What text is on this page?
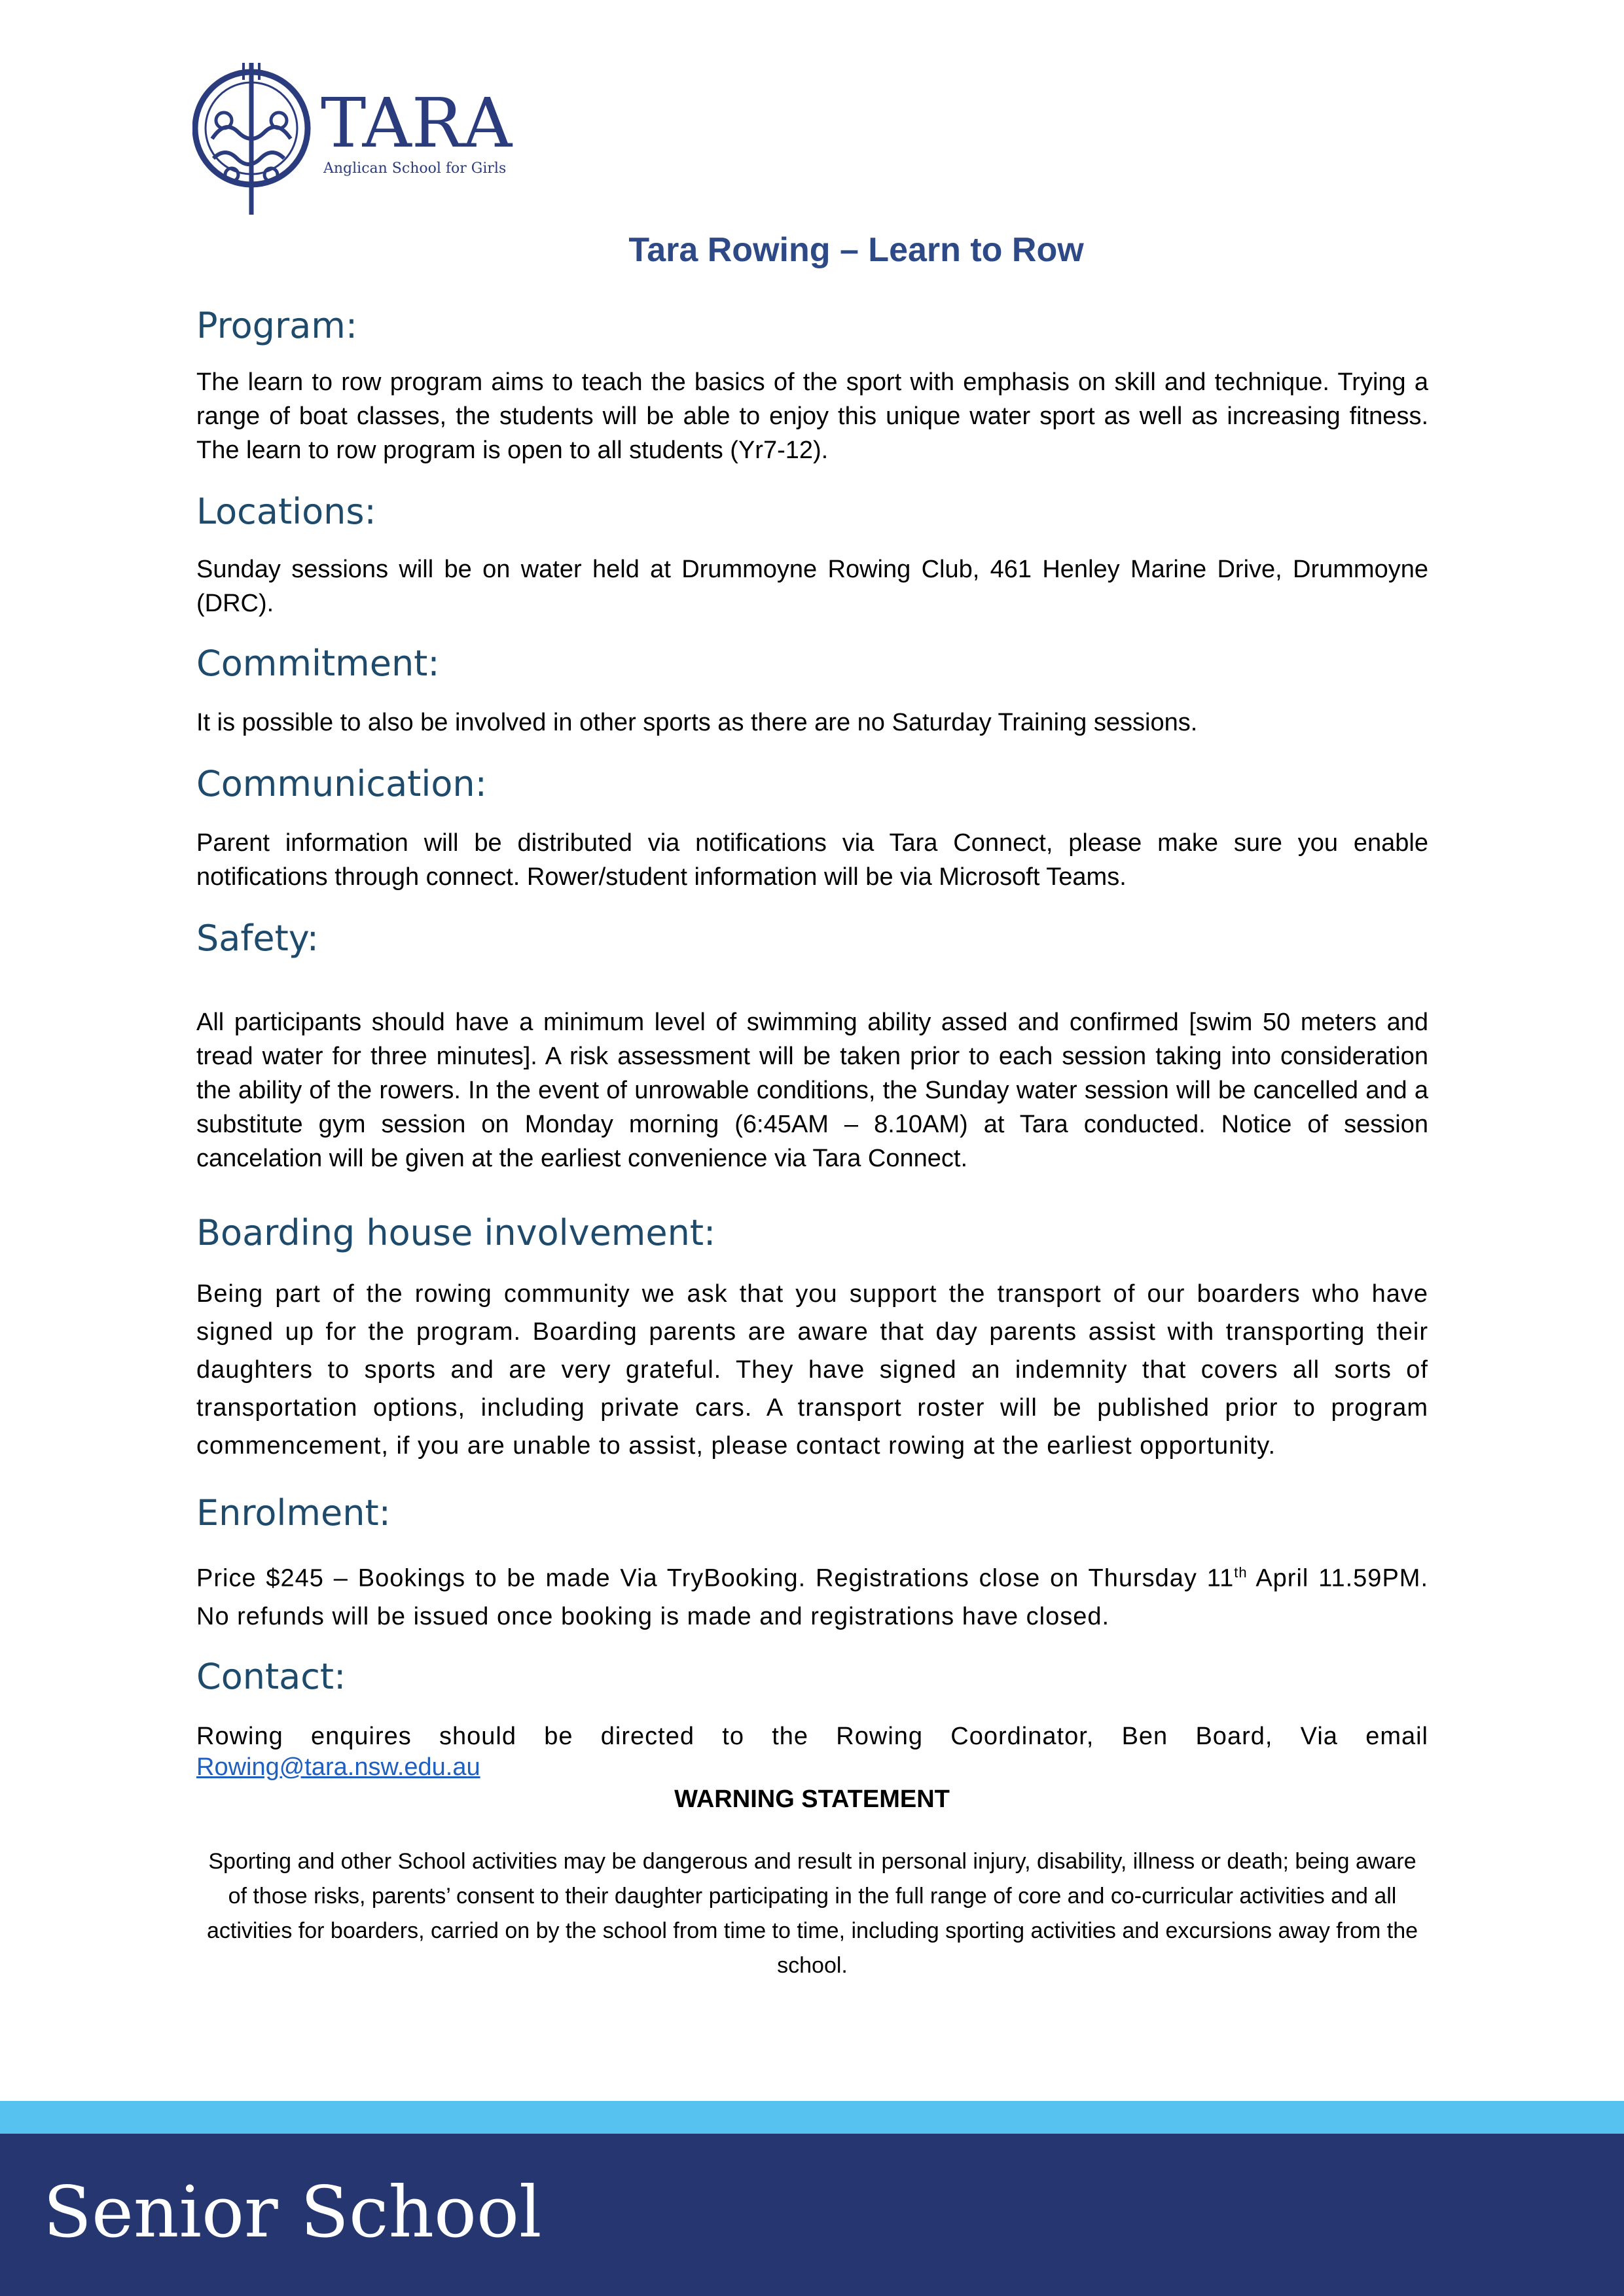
TARA
Anglican School for Girls
Tara Rowing – Learn to Row
Program:
The learn to row program aims to teach the basics of the sport with emphasis on skill and technique. Trying a range of boat classes, the students will be able to enjoy this unique water sport as well as increasing fitness. The learn to row program is open to all students (Yr7-12).
Locations:
Sunday sessions will be on water held at Drummoyne Rowing Club, 461 Henley Marine Drive, Drummoyne (DRC).
Commitment:
It is possible to also be involved in other sports as there are no Saturday Training sessions.
Communication:
Parent information will be distributed via notifications via Tara Connect, please make sure you enable notifications through connect. Rower/student information will be via Microsoft Teams.
Safety:
All participants should have a minimum level of swimming ability assed and confirmed [swim 50 meters and tread water for three minutes]. A risk assessment will be taken prior to each session taking into consideration the ability of the rowers. In the event of unrowable conditions, the Sunday water session will be cancelled and a substitute gym session on Monday morning (6:45AM – 8.10AM) at Tara conducted. Notice of session cancelation will be given at the earliest convenience via Tara Connect.
Boarding house involvement:
Being part of the rowing community we ask that you support the transport of our boarders who have signed up for the program. Boarding parents are aware that day parents assist with transporting their daughters to sports and are very grateful. They have signed an indemnity that covers all sorts of transportation options, including private cars. A transport roster will be published prior to program commencement, if you are unable to assist, please contact rowing at the earliest opportunity.
Enrolment:
Price $245 – Bookings to be made Via TryBooking. Registrations close on Thursday 11th April 11.59PM. No refunds will be issued once booking is made and registrations have closed.
Contact:
Rowing enquires should be directed to the Rowing Coordinator, Ben Board, Via email
Rowing@tara.nsw.edu.au
WARNING STATEMENT
Sporting and other School activities may be dangerous and result in personal injury, disability, illness or death; being aware of those risks, parents’ consent to their daughter participating in the full range of core and co-curricular activities and all activities for boarders, carried on by the school from time to time, including sporting activities and excursions away from the school.
Senior School
